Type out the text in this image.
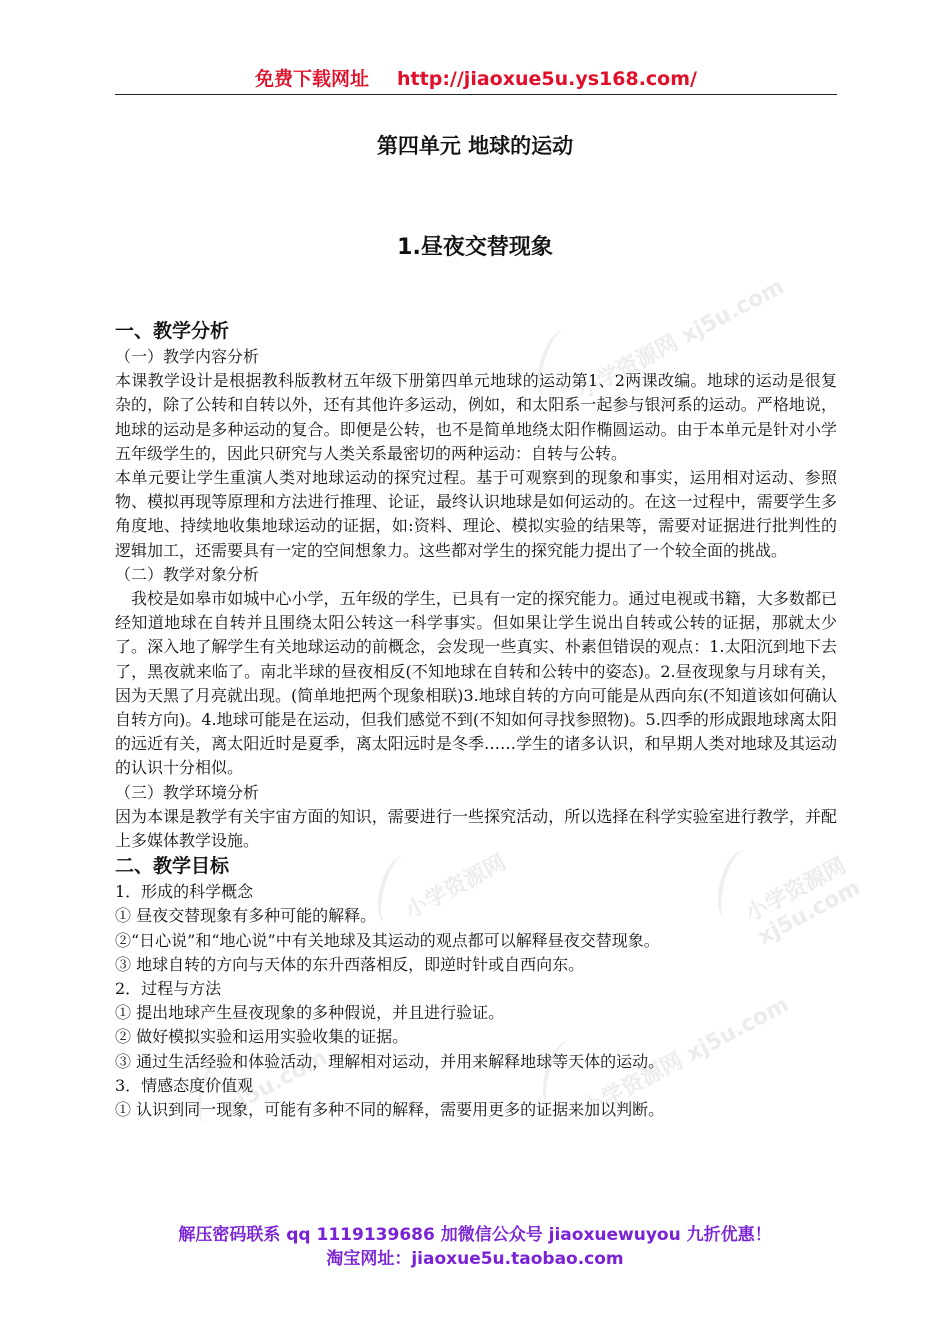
小学资源网 xj5u.com
小学资源网	小学资源网 xj5u.com
xj5u.com	小学资源网 xj5u.com
免费下载网址 http://jiaoxue5u.ys168.com/
第四单元 地球的运动
1.昼夜交替现象
一、教学分析

（一）教学内容分析

本课教学设计是根据教科版教材五年级下册第四单元地球的运动第1、2两课改编。地球的运动是很复杂的，除了公转和自转以外，还有其他许多运动，例如，和太阳系一起参与银河系的运动。严格地说，地球的运动是多种运动的复合。即便是公转，也不是简单地绕太阳作椭圆运动。由于本单元是针对小学五年级学生的，因此只研究与人类关系最密切的两种运动：自转与公转。

本单元要让学生重演人类对地球运动的探究过程。基于可观察到的现象和事实，运用相对运动、参照物、模拟再现等原理和方法进行推理、论证，最终认识地球是如何运动的。在这一过程中，需要学生多角度地、持续地收集地球运动的证据，如:资料、理论、模拟实验的结果等，需要对证据进行批判性的逻辑加工，还需要具有一定的空间想象力。这些都对学生的探究能力提出了一个较全面的挑战。

（二）教学对象分析

我校是如皋市如城中心小学，五年级的学生，已具有一定的探究能力。通过电视或书籍，大多数都已经知道地球在自转并且围绕太阳公转这一科学事实。但如果让学生说出自转或公转的证据，那就太少了。深入地了解学生有关地球运动的前概念，会发现一些真实、朴素但错误的观点：1.太阳沉到地下去了，黑夜就来临了。南北半球的昼夜相反(不知地球在自转和公转中的姿态)。2.昼夜现象与月球有关，因为天黑了月亮就出现。(简单地把两个现象相联)3.地球自转的方向可能是从西向东(不知道该如何确认自转方向)。4.地球可能是在运动，但我们感觉不到(不知如何寻找参照物)。5.四季的形成跟地球离太阳的远近有关，离太阳近时是夏季，离太阳远时是冬季……学生的诸多认识，和早期人类对地球及其运动的认识十分相似。

（三）教学环境分析

因为本课是教学有关宇宙方面的知识，需要进行一些探究活动，所以选择在科学实验室进行教学，并配上多媒体教学设施。

二、教学目标

1．形成的科学概念

① 昼夜交替现象有多种可能的解释。

②“日心说”和“地心说”中有关地球及其运动的观点都可以解释昼夜交替现象。

③ 地球自转的方向与天体的东升西落相反，即逆时针或自西向东。

2．过程与方法

① 提出地球产生昼夜现象的多种假说，并且进行验证。

② 做好模拟实验和运用实验收集的证据。

③ 通过生活经验和体验活动，理解相对运动，并用来解释地球等天体的运动。

3．情感态度价值观

① 认识到同一现象，可能有多种不同的解释，需要用更多的证据来加以判断。

解压密码联系 qq 1119139686 加微信公众号 jiaoxuewuyou 九折优惠！
淘宝网址：jiaoxue5u.taobao.com
